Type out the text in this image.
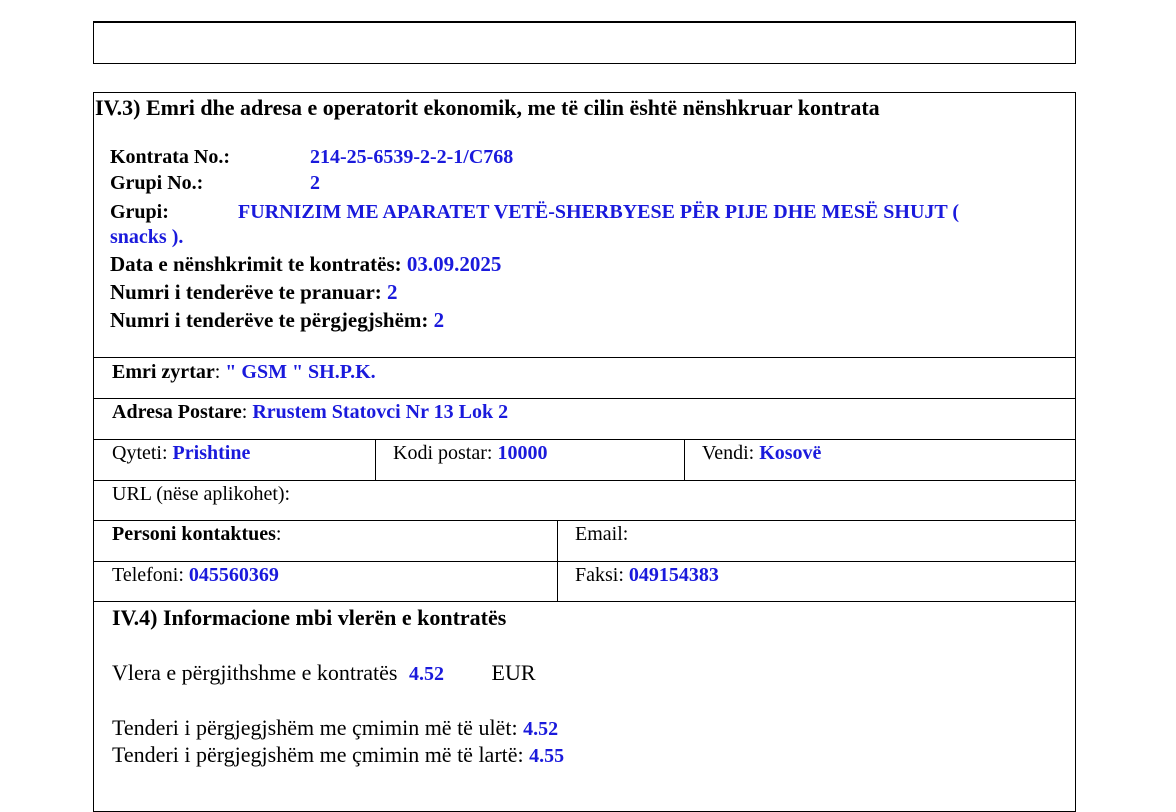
IV.3) Emri dhe adresa e operatorit ekonomik, me të cilin është nënshkruar kontrata
Kontrata No.:	214-25-6539-2-2-1/C768
Grupi No.:	2
Grupi:	FURNIZIM ME APARATET VETË-SHERBYESE PËR PIJE DHE MESË SHUJT (
snacks ).
Data e nënshkrimit te kontratës: 03.09.2025
Numri i tenderëve te pranuar: 2
Numri i tenderëve te përgjegjshëm: 2
Emri zyrtar: " GSM " SH.P.K.
Adresa Postare: Rrustem Statovci Nr 13 Lok 2
Qyteti: Prishtine	Kodi postar: 10000	Vendi: Kosovë
URL (nëse aplikohet):
Personi kontaktues:	Email:
Telefoni: 045560369	Faksi: 049154383
IV.4) Informacione mbi vlerën e kontratës
Vlera e përgjithshme e kontratës 4.52 EUR
Tenderi i përgjegjshëm me çmimin më të ulët: 4.52
Tenderi i përgjegjshëm me çmimin më të lartë: 4.55
